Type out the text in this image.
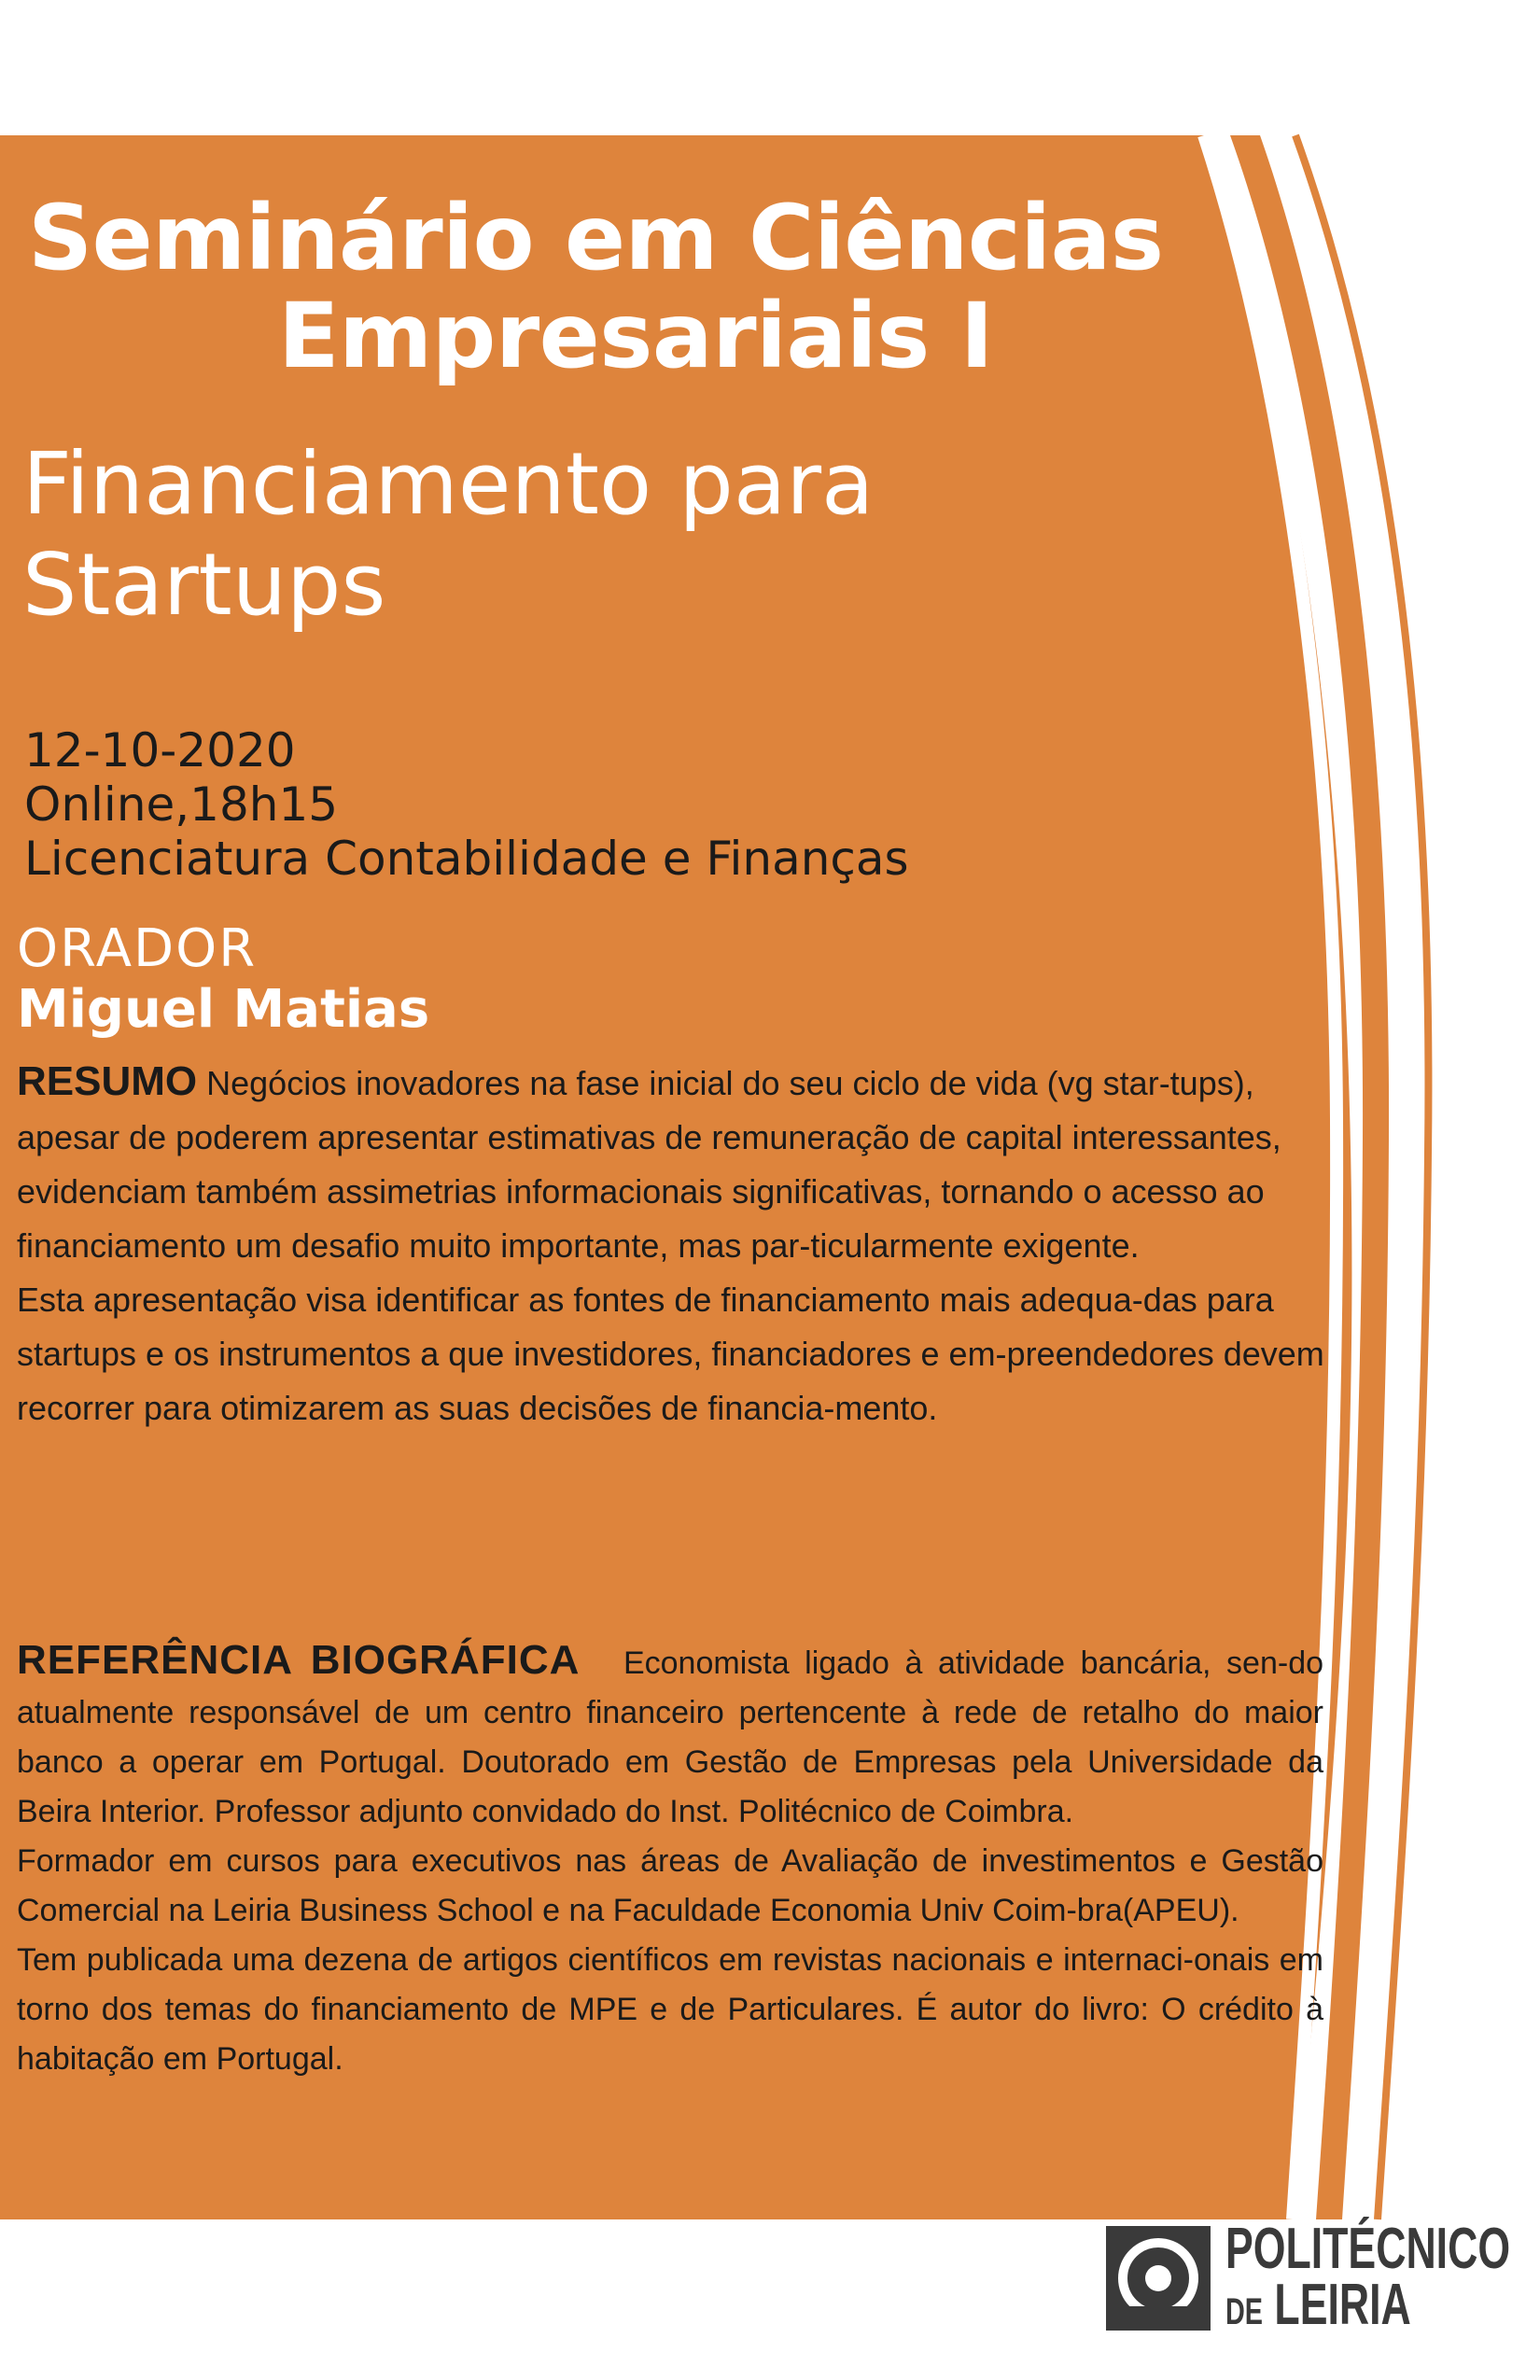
Seminário em Ciências
Empresariais I
Financiamento para Startups
12-10-2020
Online,18h15
Licenciatura Contabilidade e Finanças
ORADOR
Miguel Matias

RESUMO Negócios inovadores na fase inicial do seu ciclo de vida (vg star-tups), apesar de poderem apresentar estimativas de remuneração de capital interessantes, evidenciam também assimetrias informacionais significativas, tornando o acesso ao financiamento um desafio muito importante, mas par-ticularmente exigente.

Esta apresentação visa identificar as fontes de financiamento mais adequa-das para startups e os instrumentos a que investidores, financiadores e em-preendedores devem recorrer para otimizarem as suas decisões de financia-mento.

REFERÊNCIA BIOGRÁFICA Economista ligado à atividade bancária, sen-do atualmente responsável de um centro financeiro pertencente à rede de retalho do maior banco a operar em Portugal. Doutorado em Gestão de Empresas pela Universidade da Beira Interior. Professor adjunto convidado do Inst. Politécnico de Coimbra.

Formador em cursos para executivos nas áreas de Avaliação de investimentos e Gestão Comercial na Leiria Business School e na Faculdade Economia Univ Coim-bra(APEU).

Tem publicada uma dezena de artigos científicos em revistas nacionais e internaci-onais em torno dos temas do financiamento de MPE e de Particulares. É autor do livro: O crédito à habitação em Portugal.

POLITÉCNICO
DE LEIRIA
